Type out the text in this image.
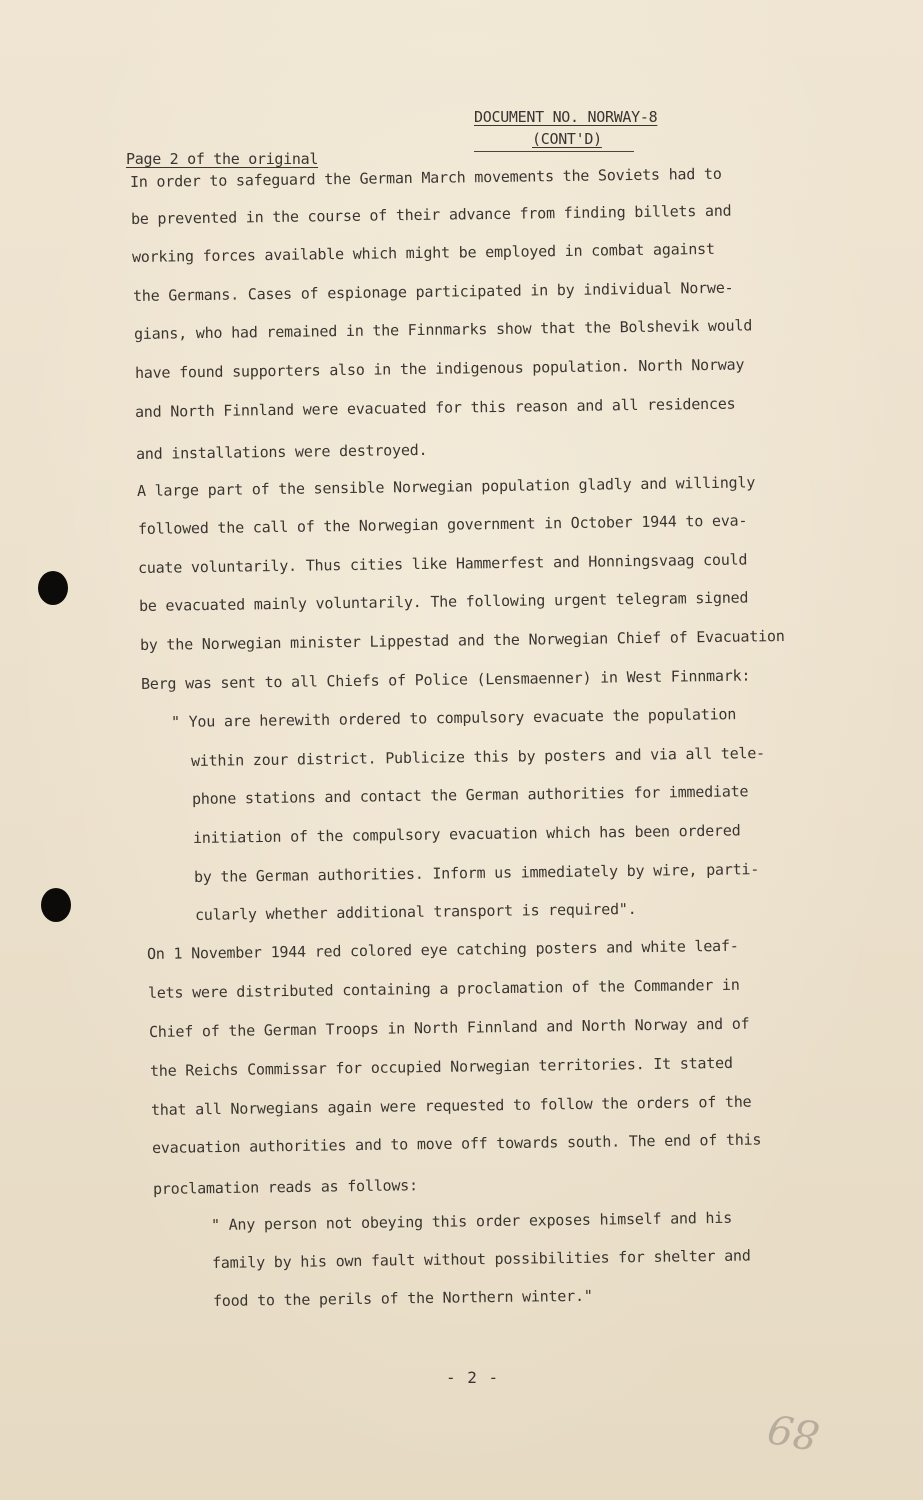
DOCUMENT NO. NORWAY-8
(CONT'D)
Page 2 of the original
In order to safeguard the German March movements the Soviets had to
be prevented in the course of their advance from finding billets and
working forces available which might be employed in combat against
the Germans. Cases of espionage participated in by individual Norwe-
gians, who had remained in the Finnmarks show that the Bolshevik would
have found supporters also in the indigenous population. North Norway
and North Finnland were evacuated for this reason and all residences
and installations were destroyed.
A large part of the sensible Norwegian population gladly and willingly
followed the call of the Norwegian government in October 1944 to eva-
cuate voluntarily. Thus cities like Hammerfest and Honningsvaag could
be evacuated mainly voluntarily. The following urgent telegram signed
by the Norwegian minister Lippestad and the Norwegian Chief of Evacuation
Berg was sent to all Chiefs of Police (Lensmaenner) in West Finnmark:
" You are herewith ordered to compulsory evacuate the population
within zour district. Publicize this by posters and via all tele-
phone stations and contact the German authorities for immediate
initiation of the compulsory evacuation which has been ordered
by the German authorities. Inform us immediately by wire, parti-
cularly whether additional transport is required".
On 1 November 1944 red colored eye catching posters and white leaf-
lets were distributed containing a proclamation of the Commander in
Chief of the German Troops in North Finnland and North Norway and of
the Reichs Commissar for occupied Norwegian territories. It stated
that all Norwegians again were requested to follow the orders of the
evacuation authorities and to move off towards south. The end of this
proclamation reads as follows:
" Any person not obeying this order exposes himself and his
family by his own fault without possibilities for shelter and
food to the perils of the Northern winter."
- 2 -
89
